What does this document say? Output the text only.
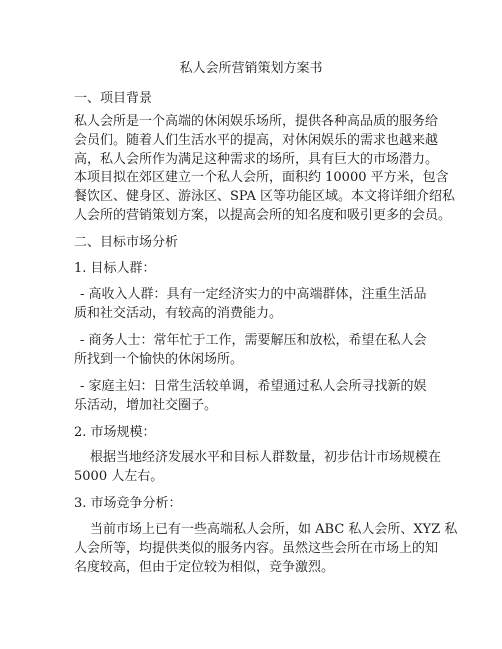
私人会所营销策划方案书

一、项目背景

私人会所是一个高端的休闲娱乐场所，提供各种高品质的服务给

会员们。随着人们生活水平的提高，对休闲娱乐的需求也越来越

高，私人会所作为满足这种需求的场所，具有巨大的市场潜力。

本项目拟在郊区建立一个私人会所，面积约 10000 平方米，包含

餐饮区、健身区、游泳区、SPA 区等功能区域。本文将详细介绍私

人会所的营销策划方案，以提高会所的知名度和吸引更多的会员。

二、目标市场分析

1. 目标人群：

- 高收入人群：具有一定经济实力的中高端群体，注重生活品

质和社交活动，有较高的消费能力。

- 商务人士：常年忙于工作，需要解压和放松，希望在私人会

所找到一个愉快的休闲场所。

- 家庭主妇：日常生活较单调，希望通过私人会所寻找新的娱

乐活动，增加社交圈子。

2. 市场规模：

根据当地经济发展水平和目标人群数量，初步估计市场规模在

5000 人左右。

3. 市场竞争分析：

当前市场上已有一些高端私人会所，如 ABC 私人会所、XYZ 私

人会所等，均提供类似的服务内容。虽然这些会所在市场上的知

名度较高，但由于定位较为相似，竞争激烈。
